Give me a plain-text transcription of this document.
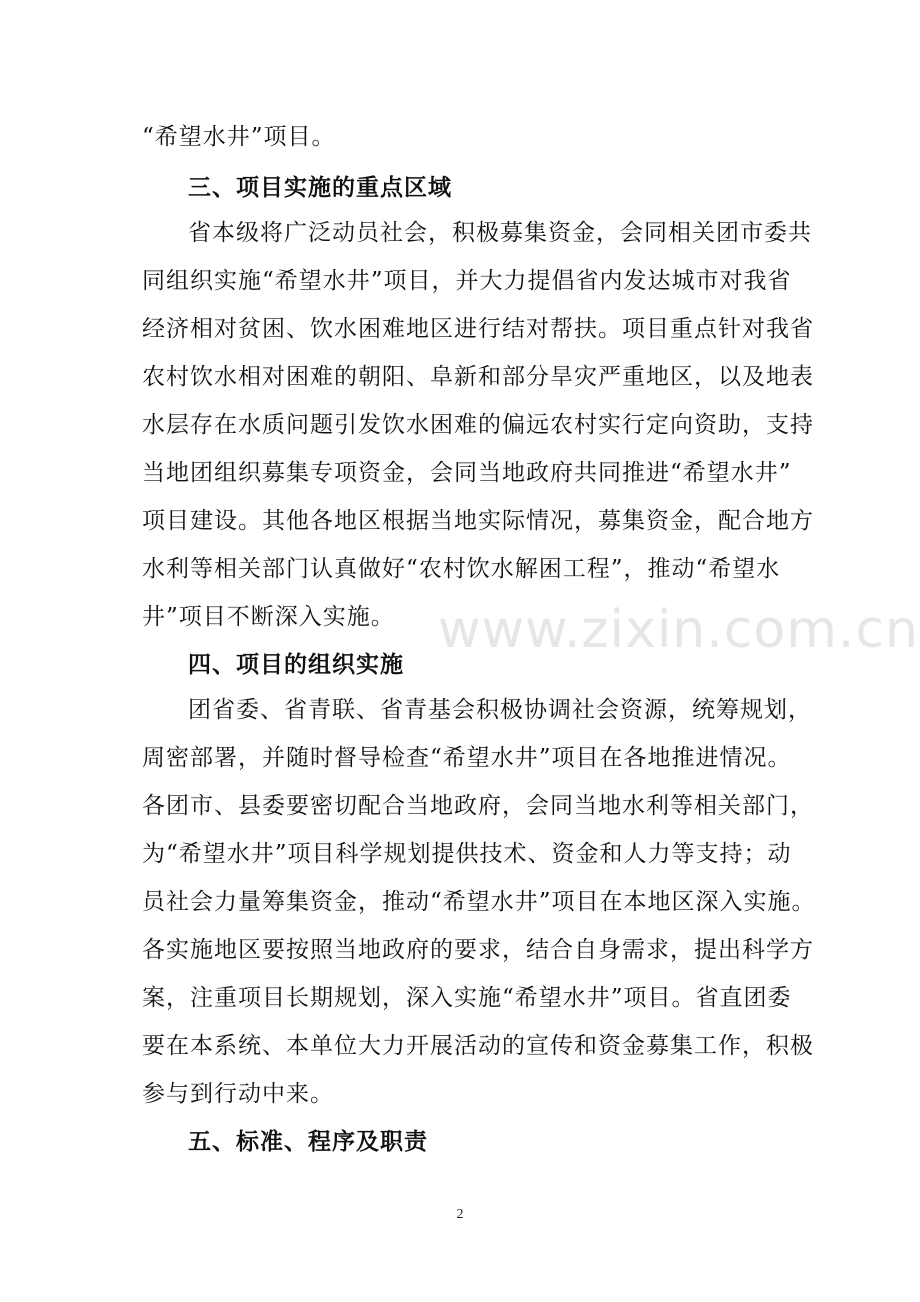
www.zixin.com.cn
“希望水井”项目。
三、项目实施的重点区域
省本级将广泛动员社会，积极募集资金，会同相关团市委共
同组织实施“希望水井”项目，并大力提倡省内发达城市对我省
经济相对贫困、饮水困难地区进行结对帮扶。项目重点针对我省
农村饮水相对困难的朝阳、阜新和部分旱灾严重地区，以及地表
水层存在水质问题引发饮水困难的偏远农村实行定向资助，支持
当地团组织募集专项资金，会同当地政府共同推进“希望水井”
项目建设。其他各地区根据当地实际情况，募集资金，配合地方
水利等相关部门认真做好“农村饮水解困工程”，推动“希望水
井”项目不断深入实施。
四、项目的组织实施
团省委、省青联、省青基会积极协调社会资源，统筹规划，
周密部署，并随时督导检查“希望水井”项目在各地推进情况。
各团市、县委要密切配合当地政府，会同当地水利等相关部门，
为“希望水井”项目科学规划提供技术、资金和人力等支持；动
员社会力量筹集资金，推动“希望水井”项目在本地区深入实施。
各实施地区要按照当地政府的要求，结合自身需求，提出科学方
案，注重项目长期规划，深入实施“希望水井”项目。省直团委
要在本系统、本单位大力开展活动的宣传和资金募集工作，积极
参与到行动中来。
五、标准、程序及职责
2
